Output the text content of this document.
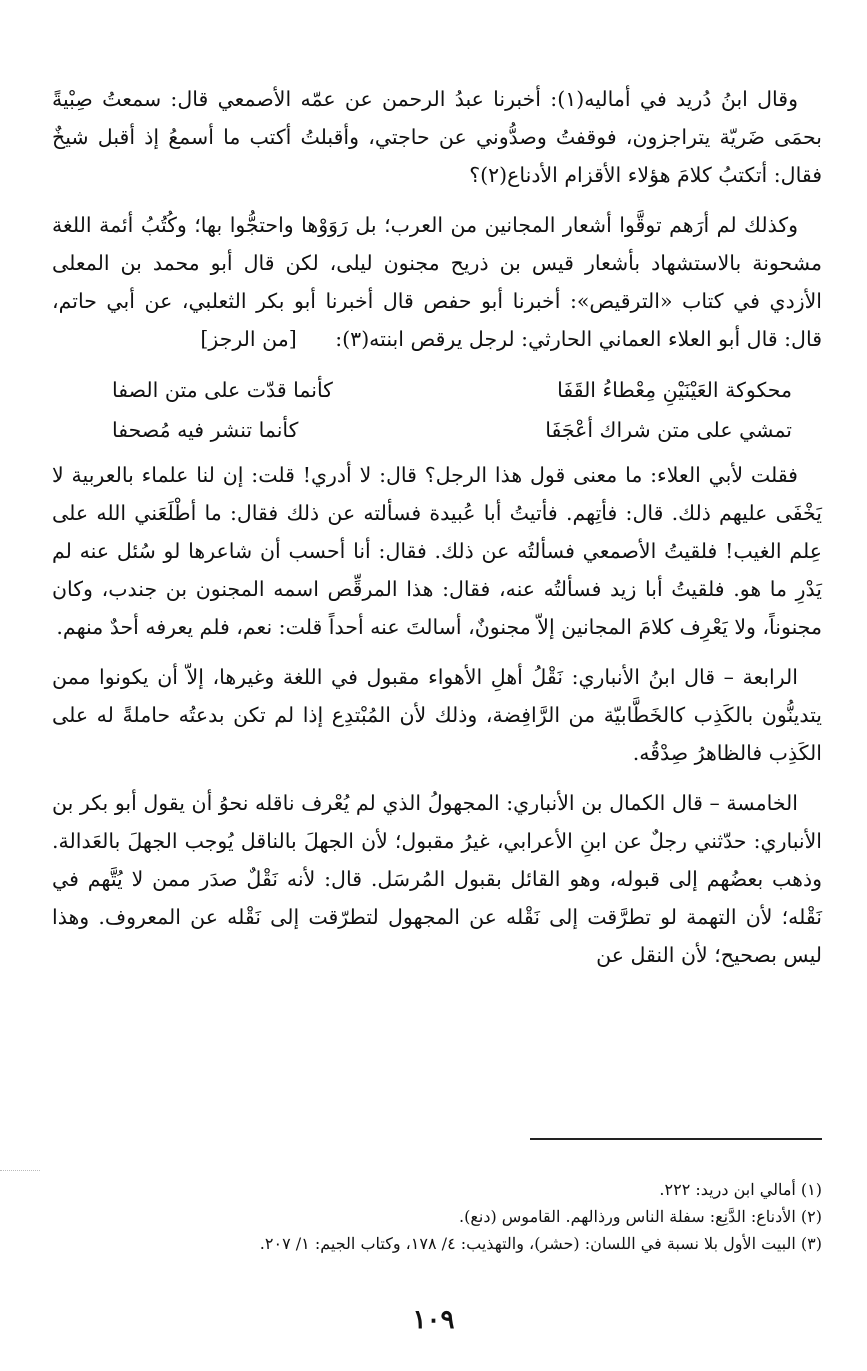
وقال ابنُ دُريد في أماليه(١): أخبرنا عبدُ الرحمن عن عمّه الأصمعي قال: سمعتُ صِبْيةً بحمَى ضَريّة يتراجزون، فوقفتُ وصدُّوني عن حاجتي، وأقبلتُ أكتب ما أسمعُ إذ أقبل شيخٌ فقال: أتكتبُ كلامَ هؤلاء الأقزام الأدناع(٢)؟

وكذلك لم أرَهم توقَّوا أشعار المجانين من العرب؛ بل رَوَوْها واحتجُّوا بها؛ وكُتُبُ أئمة اللغة مشحونة بالاستشهاد بأشعار قيس بن ذريح مجنون ليلى، لكن قال أبو محمد بن المعلى الأزدي في كتاب «الترقيص»: أخبرنا أبو حفص قال أخبرنا أبو بكر الثعلبي، عن أبي حاتم، قال: قال أبو العلاء العماني الحارثي: لرجل يرقص ابنته(٣): [من الرجز]

محكوكة العَيْنَيْنِ مِعْطاءُ القَفَا
كأنما قدّت على متن الصفا
تمشي على متن شراك أعْجَفَا
كأنما تنشر فيه مُصحفا

فقلت لأبي العلاء: ما معنى قول هذا الرجل؟ قال: لا أدري! قلت: إن لنا علماء بالعربية لا يَخْفَى عليهم ذلك. قال: فأتِهم. فأتيتُ أبا عُبيدة فسألته عن ذلك فقال: ما أطْلَعَني الله على عِلم الغيب! فلقيتُ الأصمعي فسألتُه عن ذلك. فقال: أنا أحسب أن شاعرها لو سُئل عنه لم يَدْرِ ما هو. فلقيتُ أبا زيد فسألتُه عنه، فقال: هذا المرقِّص اسمه المجنون بن جندب، وكان مجنوناً، ولا يَعْرِف كلامَ المجانين إلاّ مجنونٌ، أسالتَ عنه أحداً قلت: نعم، فلم يعرفه أحدٌ منهم.

الرابعة – قال ابنُ الأنباري: نَقْلُ أهلِ الأهواء مقبول في اللغة وغيرها، إلاّ أن يكونوا ممن يتدينُّون بالكَذِب كالخَطَّابيّة من الرَّافِضة، وذلك لأن المُبْتدِع إذا لم تكن بدعتُه حاملةً له على الكَذِب فالظاهرُ صِدْقُه.

الخامسة – قال الكمال بن الأنباري: المجهولُ الذي لم يُعْرف ناقله نحوُ أن يقول أبو بكر بن الأنباري: حدّثني رجلٌ عن ابنِ الأعرابي، غيرُ مقبول؛ لأن الجهلَ بالناقل يُوجب الجهلَ بالعَدالة. وذهب بعضُهم إلى قبوله، وهو القائل بقبول المُرسَل. قال: لأنه نَقْلٌ صدَر ممن لا يُتَّهم في نَقْله؛ لأن التهمة لو تطرَّقت إلى نَقْله عن المجهول لتطرّقت إلى نَقْله عن المعروف. وهذا ليس بصحيح؛ لأن النقل عن

(١) أمالي ابن دريد: ٢٢٢.
(٢) الأدناع: الدَّنِع: سفلة الناس ورذالهم. القاموس (دنع).
(٣) البيت الأول بلا نسبة في اللسان: (حشر)، والتهذيب: ٤/ ١٧٨، وكتاب الجيم: ١/ ٢٠٧.
١٠٩
